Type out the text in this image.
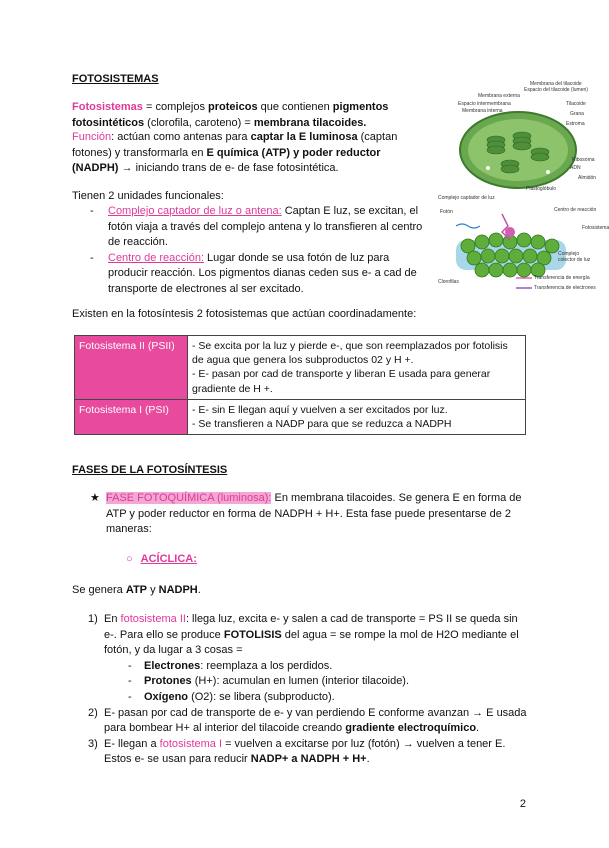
FOTOSISTEMAS
Fotosistemas = complejos proteicos que contienen pigmentos fotosintéticos (clorofila, caroteno) = membrana tilacoides.
Función: actúan como antenas para captar la E luminosa (captan fotones) y transformarla en E química (ATP) y poder reductor (NADPH) → iniciando trans de e- de fase fotosintética.
Tienen 2 unidades funcionales:
- Complejo captador de luz o antena: Captan E luz, se excitan, el fotón viaja a través del complejo antena y lo transfieren al centro de reacción.
- Centro de reacción: Lugar donde se usa fotón de luz para producir reacción. Los pigmentos dianas ceden sus e- a cad de transporte de electrones al ser excitado.
Existen en la fotosíntesis 2 fotosistemas que actúan coordinadamente:
Membrana del tilacoide
Espacio del tilacoide (lumen)
Membrana externa
Espacio intermembrana
Membrana interna
Tilacoide
Grana
Estroma
Ribosoma
ADN
Plastoglóbulo
Almidón
Complejo captador de luz
Fotón	Centro de reacción
Complejo colector de luz
Fotosistema
Clorofilas
Transferencia de energía
Transferencia de electrones
Fotosistema II (PSII)	- Se excita por la luz y pierde e-, que son reemplazados por fotolisis de agua que genera los subproductos 02 y H +.
- E- pasan por cad de transporte y liberan E usada para generar gradiente de H +.

Fotosistema I (PSI)	- E- sin E llegan aquí y vuelven a ser excitados por luz.
- Se transfieren a NADP para que se reduzca a NADPH
FASES DE LA FOTOSÍNTESIS
★ FASE FOTOQUÍMICA (luminosa): En membrana tilacoides. Se genera E en forma de ATP y poder reductor en forma de NADPH + H+. Esta fase puede presentarse de 2 maneras:
○ ACÍCLICA:
Se genera ATP y NADPH.
1) En fotosistema II: llega luz, excita e- y salen a cad de transporte = PS II se queda sin e-. Para ello se produce FOTOLISIS del agua = se rompe la mol de H2O mediante el fotón, y da lugar a 3 cosas =
- Electrones: reemplaza a los perdidos.
- Protones (H+): acumulan en lumen (interior tilacoide).
- Oxígeno (O2): se libera (subproducto).
2) E- pasan por cad de transporte de e- y van perdiendo E conforme avanzan → E usada para bombear H+ al interior del tilacoide creando gradiente electroquímico.
3) E- llegan a fotosistema I = vuelven a excitarse por luz (fotón) → vuelven a tener E. Estos e- se usan para reducir NADP+ a NADPH + H+.
2
